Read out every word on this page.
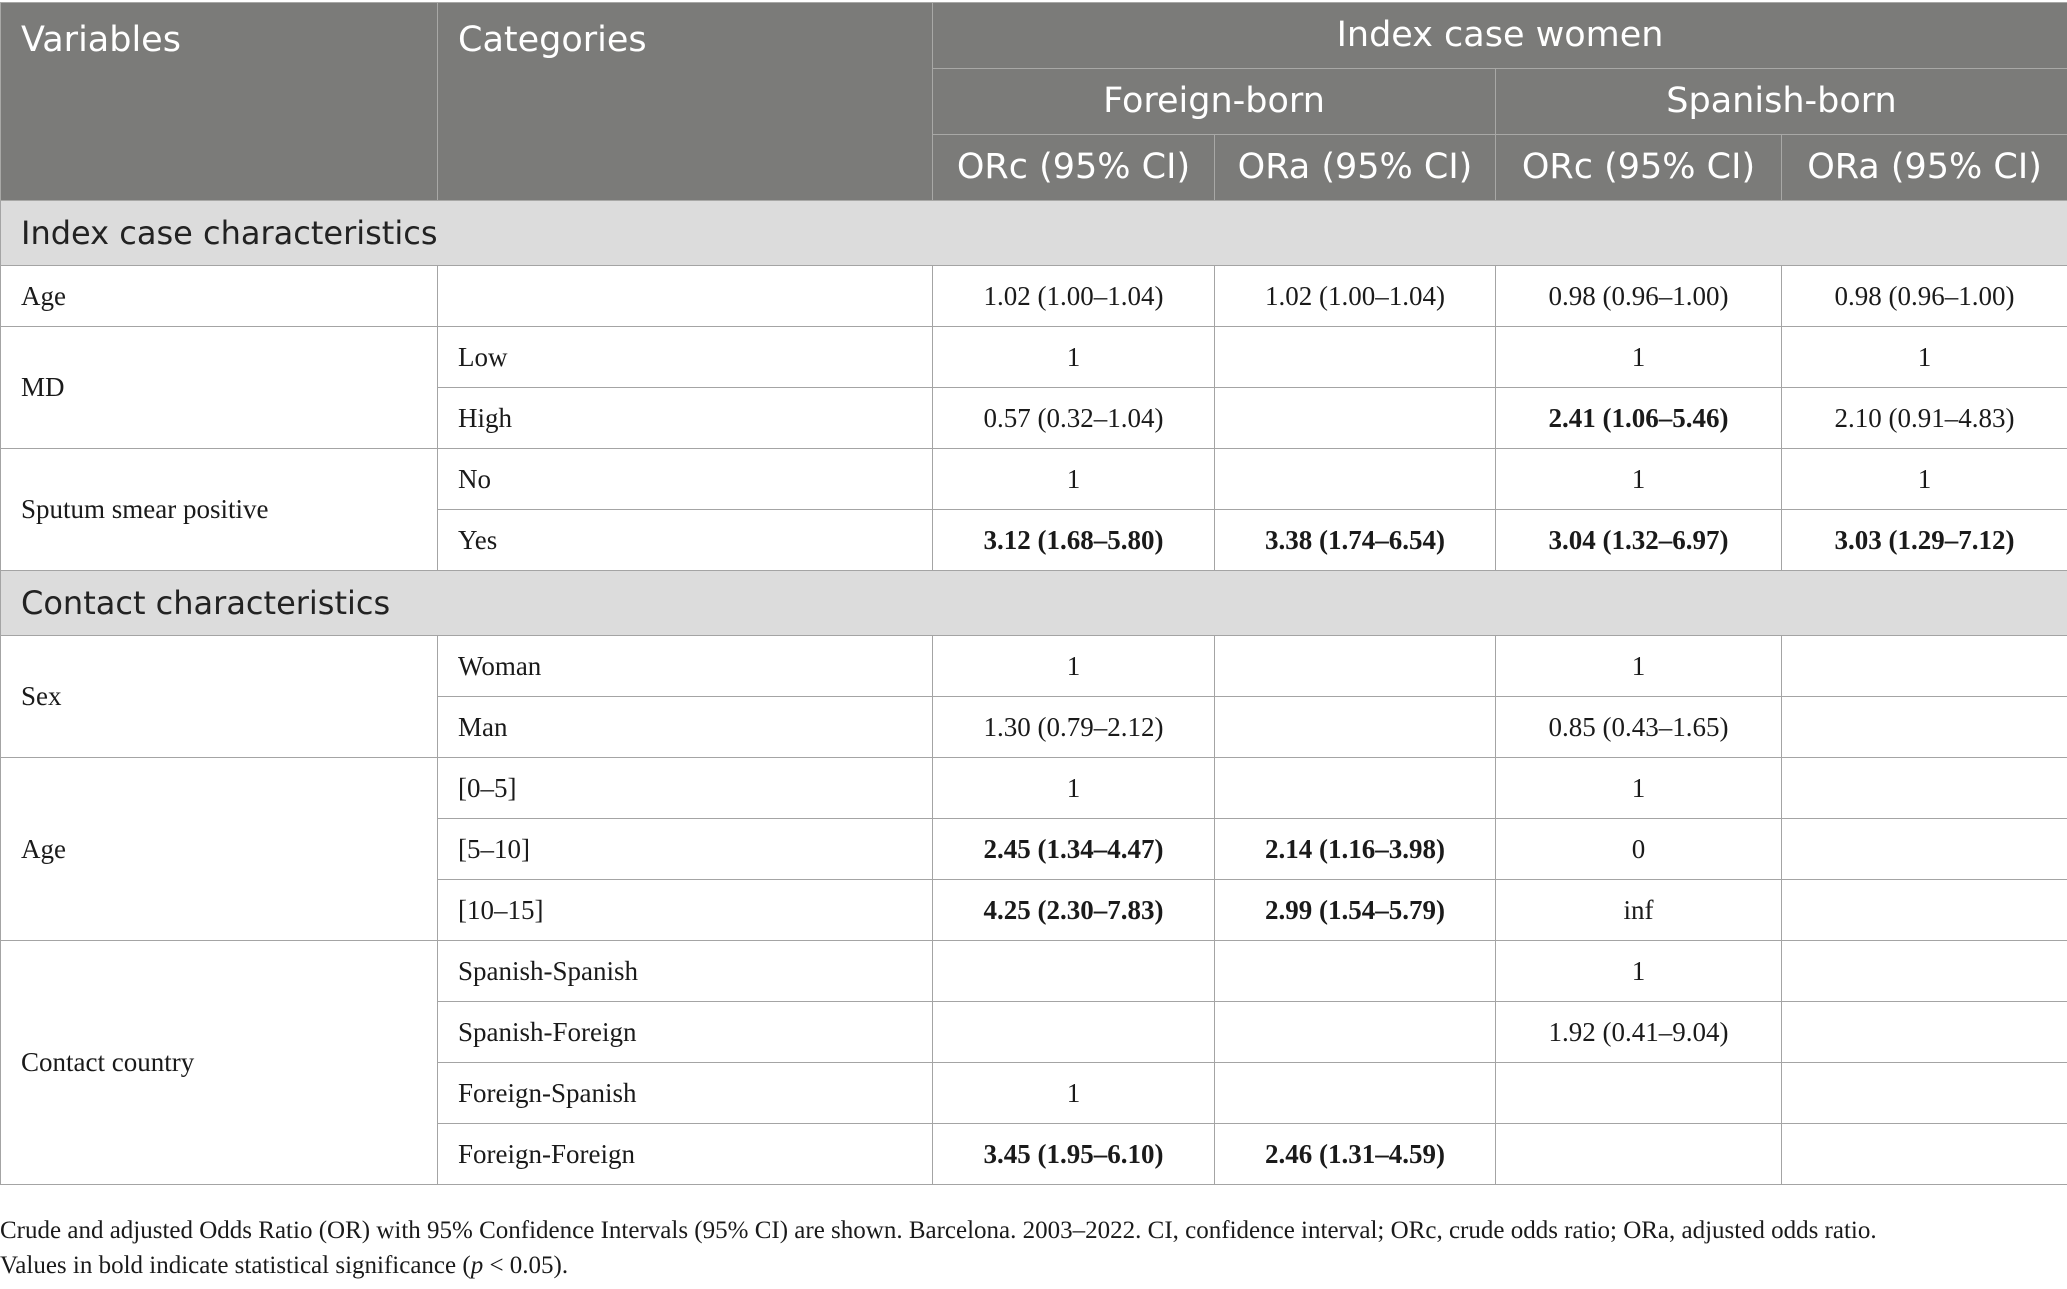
Variables	Categories	Index case women			
		Foreign-born		Spanish-born	
		ORc (95% CI)	ORa (95% CI)	ORc (95% CI)	ORa (95% CI)
Index case characteristics					
Age		1.02 (1.00–1.04)	1.02 (1.00–1.04)	0.98 (0.96–1.00)	0.98 (0.96–1.00)
MD	Low	1		1	1
	High	0.57 (0.32–1.04)		2.41 (1.06–5.46)	2.10 (0.91–4.83)
Sputum smear positive	No	1		1	1
	Yes	3.12 (1.68–5.80)	3.38 (1.74–6.54)	3.04 (1.32–6.97)	3.03 (1.29–7.12)
Contact characteristics					
Sex	Woman	1		1	
	Man	1.30 (0.79–2.12)		0.85 (0.43–1.65)	
Age	[0–5]	1		1	
	[5–10]	2.45 (1.34–4.47)	2.14 (1.16–3.98)	0	
	[10–15]	4.25 (2.30–7.83)	2.99 (1.54–5.79)	inf	
Contact country	Spanish-Spanish			1	
	Spanish-Foreign			1.92 (0.41–9.04)	
	Foreign-Spanish	1			
	Foreign-Foreign	3.45 (1.95–6.10)	2.46 (1.31–4.59)		

Crude and adjusted Odds Ratio (OR) with 95% Confidence Intervals (95% CI) are shown. Barcelona. 2003–2022. CI, confidence interval; ORc, crude odds ratio; ORa, adjusted odds ratio.

Values in bold indicate statistical significance (p < 0.05).
